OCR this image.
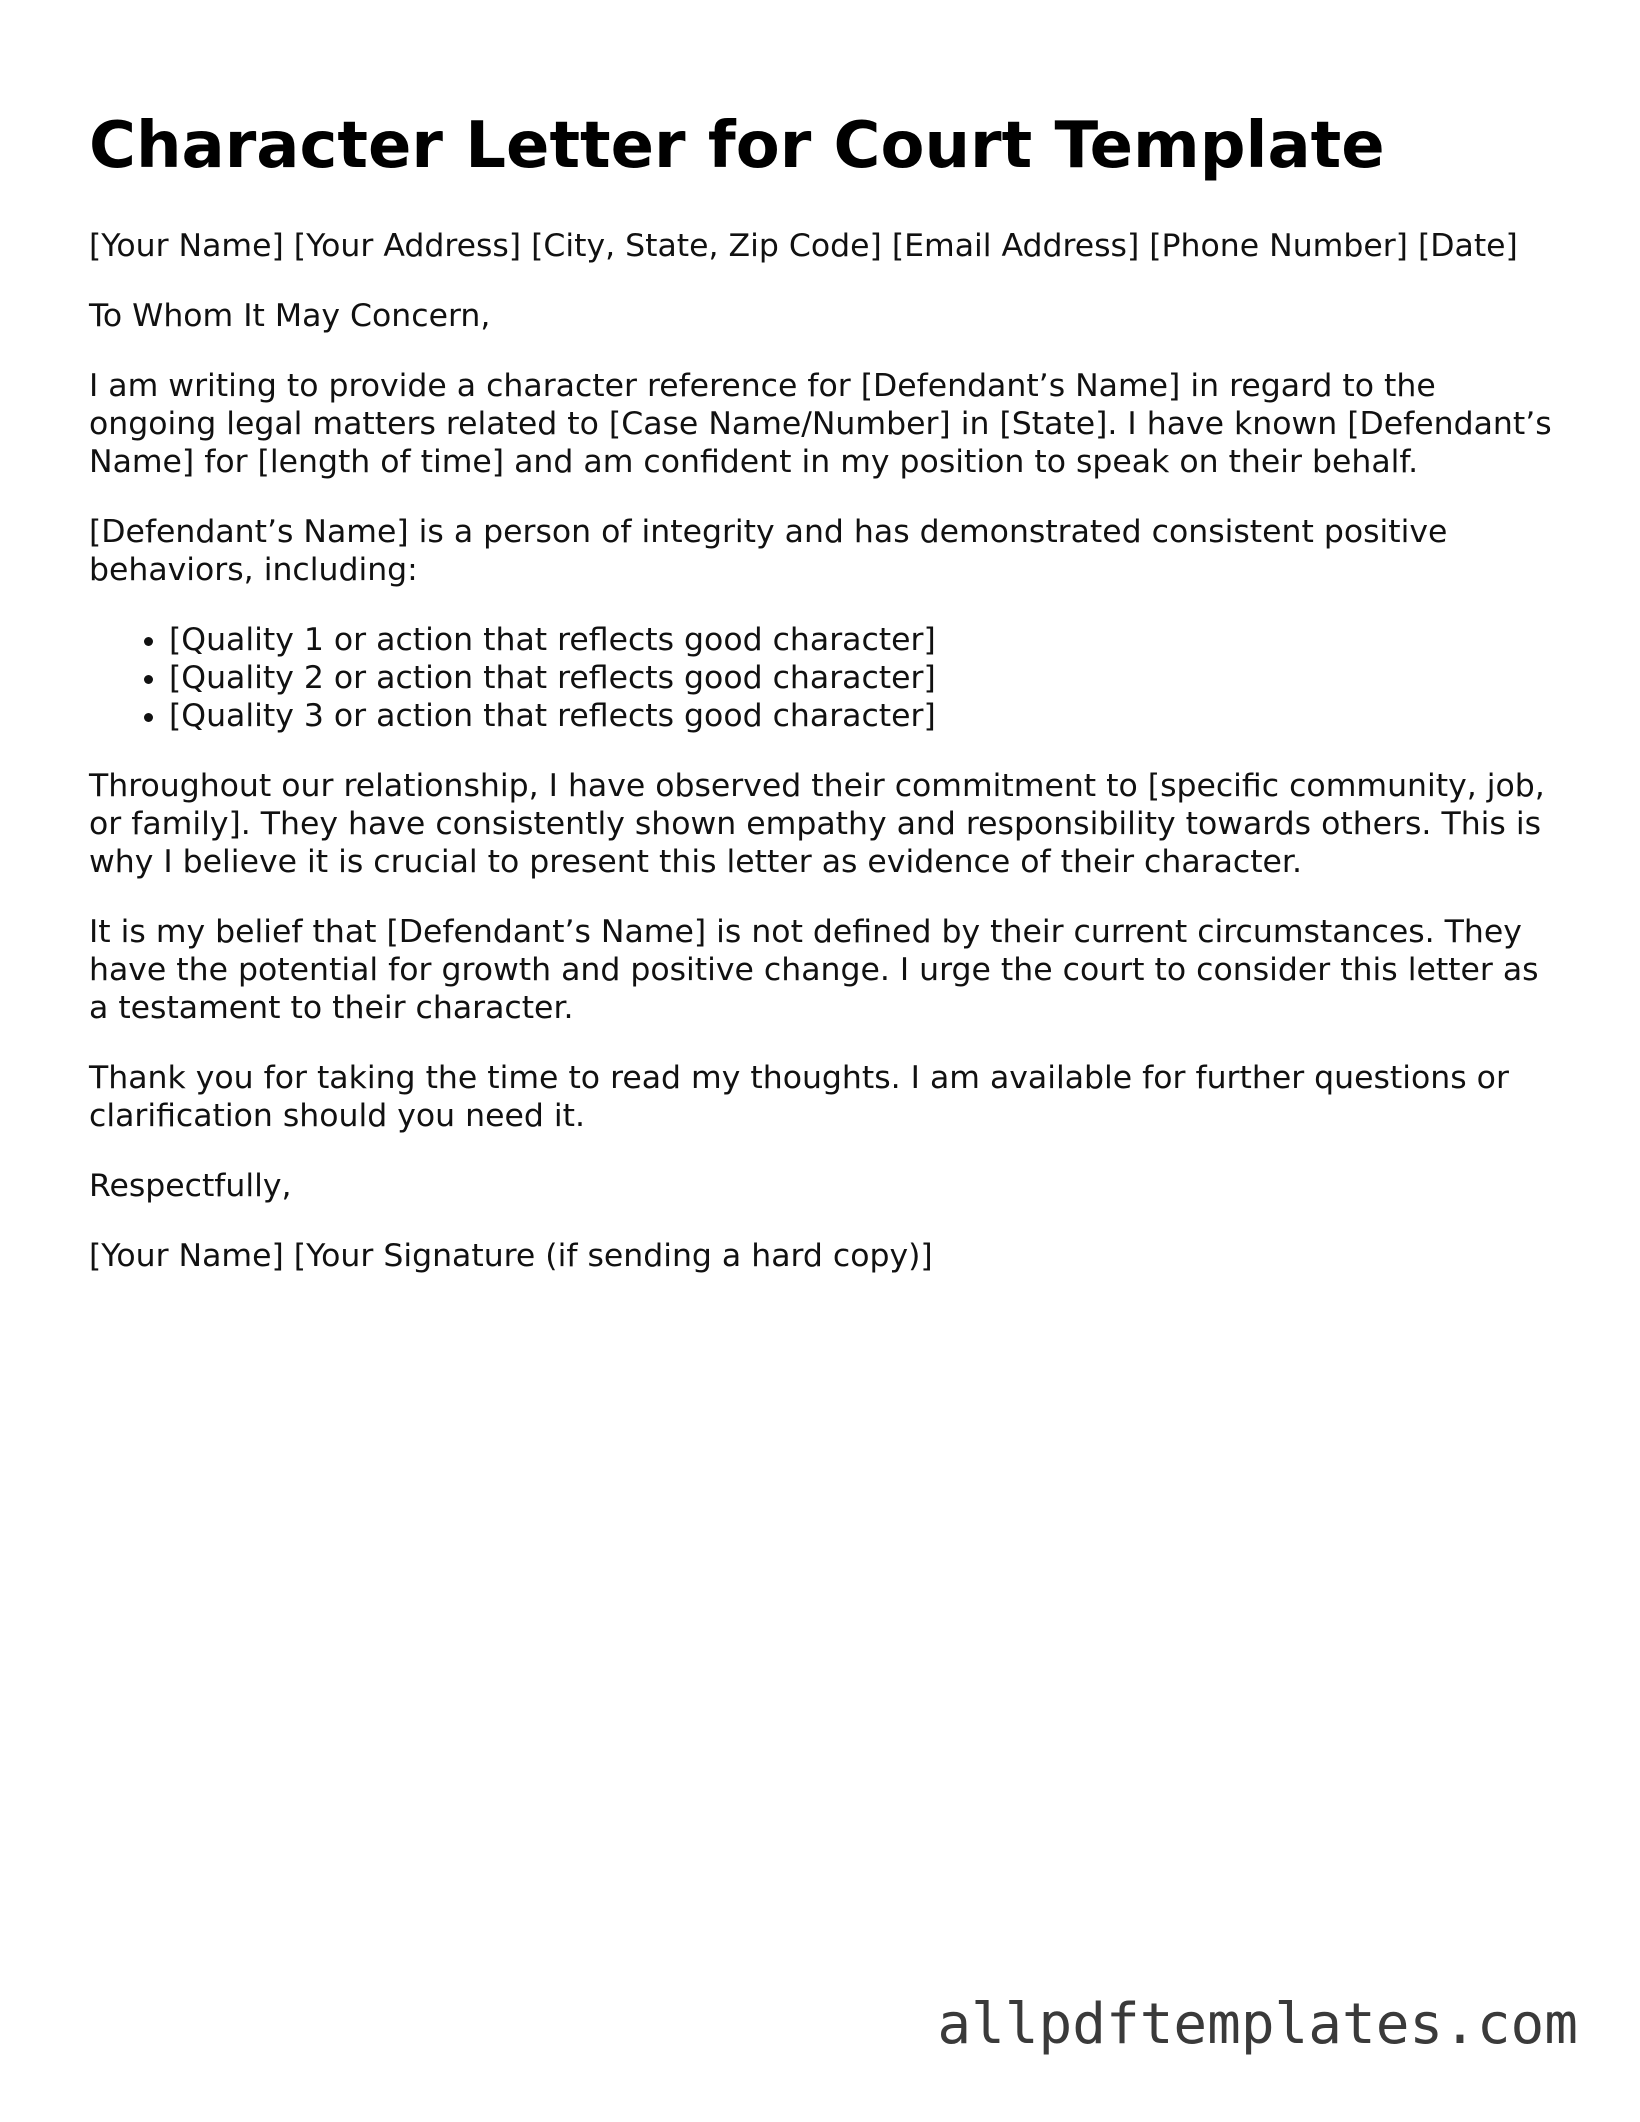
Character Letter for Court Template

[Your Name] [Your Address] [City, State, Zip Code] [Email Address] [Phone Number] [Date]

To Whom It May Concern,

I am writing to provide a character reference for [Defendant’s Name] in regard to the ongoing legal matters related to [Case Name/Number] in [State]. I have known [Defendant’s Name] for [length of time] and am confident in my position to speak on their behalf.

[Defendant’s Name] is a person of integrity and has demonstrated consistent positive behaviors, including:

• [Quality 1 or action that reflects good character]
• [Quality 2 or action that reflects good character]
• [Quality 3 or action that reflects good character]

Throughout our relationship, I have observed their commitment to [specific community, job, or family]. They have consistently shown empathy and responsibility towards others. This is why I believe it is crucial to present this letter as evidence of their character.

It is my belief that [Defendant’s Name] is not defined by their current circumstances. They have the potential for growth and positive change. I urge the court to consider this letter as a testament to their character.

Thank you for taking the time to read my thoughts. I am available for further questions or clarification should you need it.

Respectfully,

[Your Name] [Your Signature (if sending a hard copy)]

allpdftemplates.com
